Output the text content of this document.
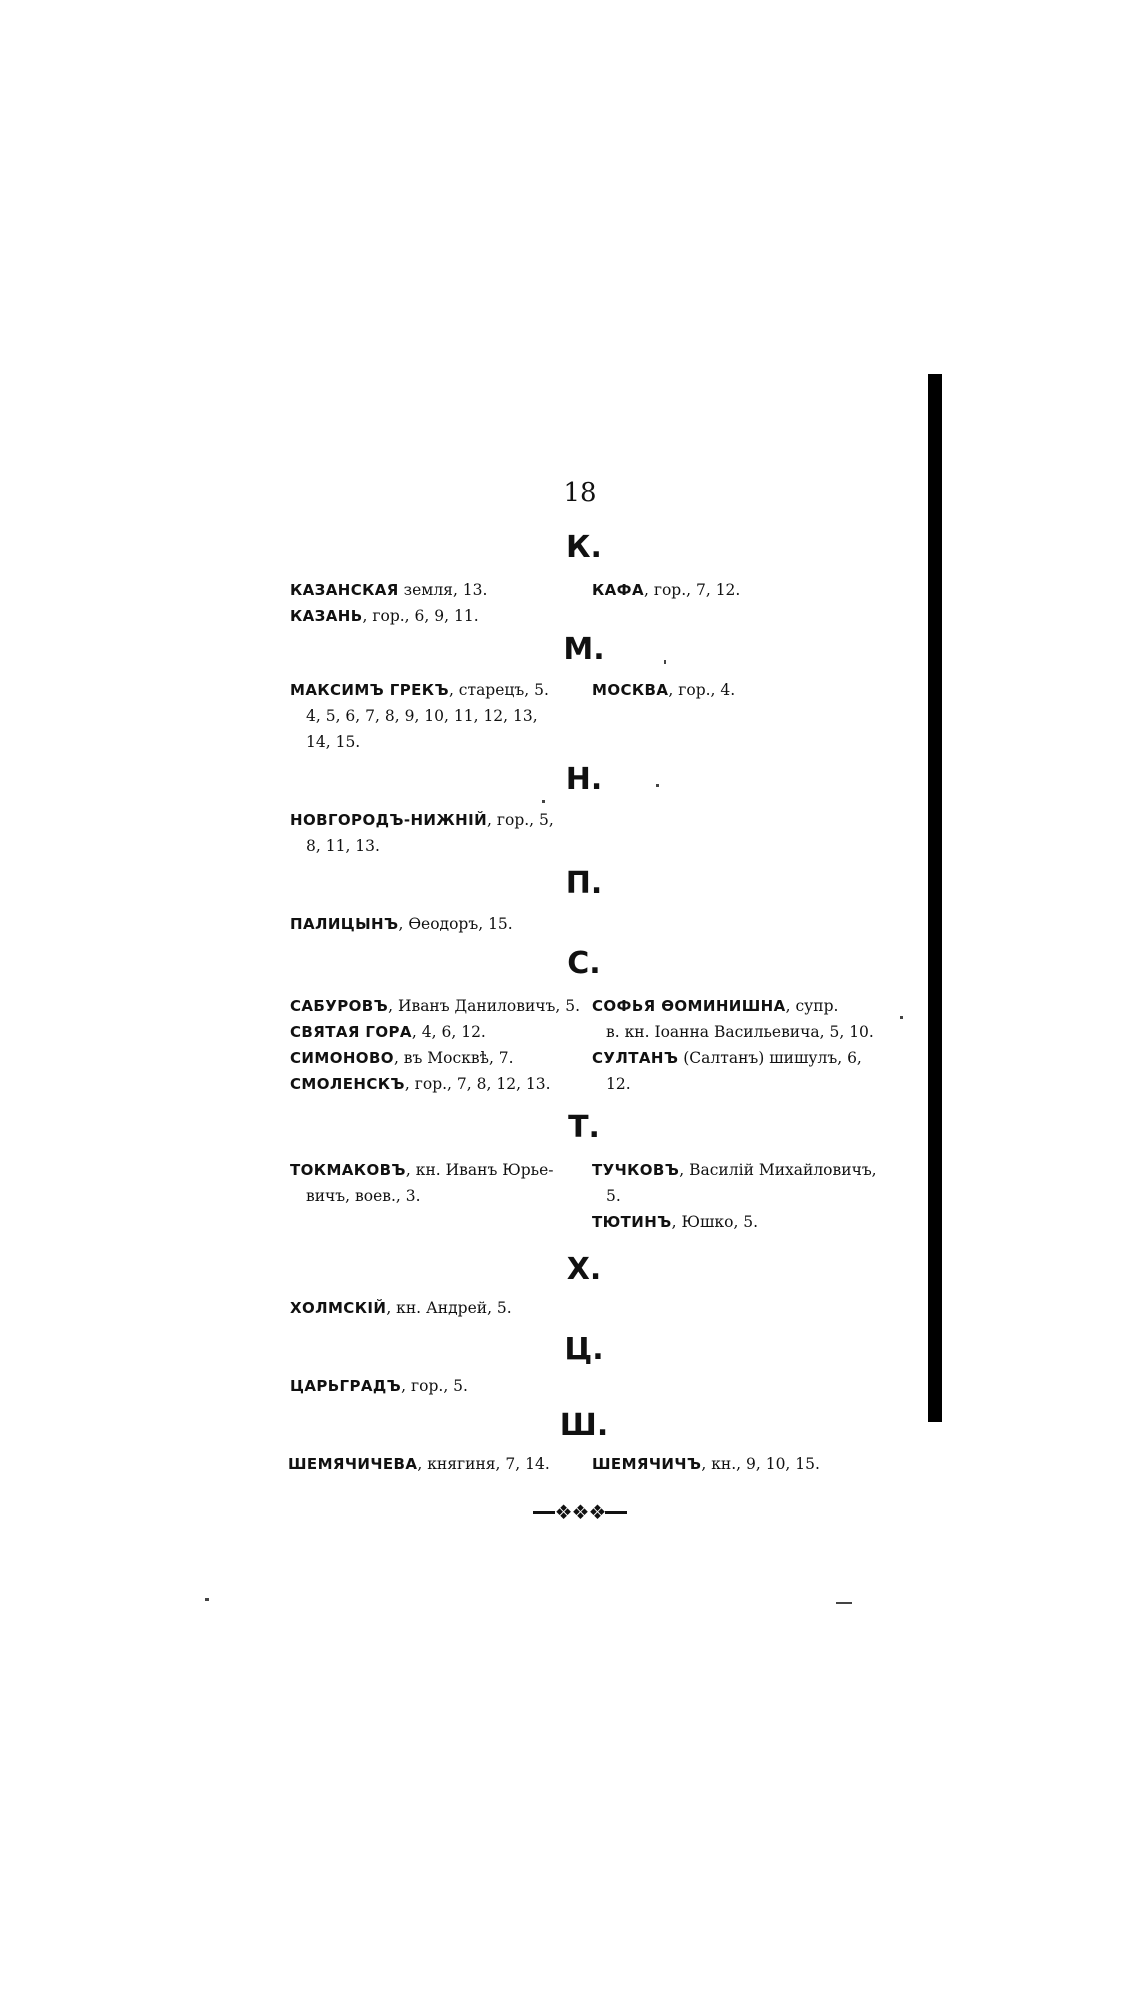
18
К.
М.
Н.
П.
С.
Т.
Х.
Ц.
Ш.
КАЗАНСКАЯ земля, 13.	КАФА, гор., 7, 12.
КАЗАНЬ, гор., 6, 9, 11.
МАКСИМЪ ГРЕКЪ, старецъ, 5.	МОСКВА, гор., 4.
4, 5, 6, 7, 8, 9, 10, 11, 12, 13,
14, 15.
НОВГОРОДЪ-НИЖНІЙ, гор., 5,
8, 11, 13.
ПАЛИЦЫНЪ, Ѳеодоръ, 15.
САБУРОВЪ, Иванъ Даниловичъ, 5. СОФЬЯ ѲОМИНИШНА, супр.
СВЯТАЯ ГОРА, 4, 6, 12.	в. кн. Іоанна Васильевича, 5, 10.
СИМОНОВО, въ Москвѣ, 7.	СУЛТАНЪ (Салтанъ) шишулъ, 6,
СМОЛЕНСКЪ, гор., 7, 8, 12, 13.	12.
ТОКМАКОВЪ, кн. Иванъ Юрье-	ТУЧКОВЪ, Василій Михайловичъ,
вичъ, воев., 3.	5.
ТЮТИНЪ, Юшко, 5.
ХОЛМСКІЙ, кн. Андрей, 5.
ЦАРЬГРАДЪ, гор., 5.
ШЕМЯЧИЧЕВА, княгиня, 7, 14.	ШЕМЯЧИЧЪ, кн., 9, 10, 15.
❖❖❖
